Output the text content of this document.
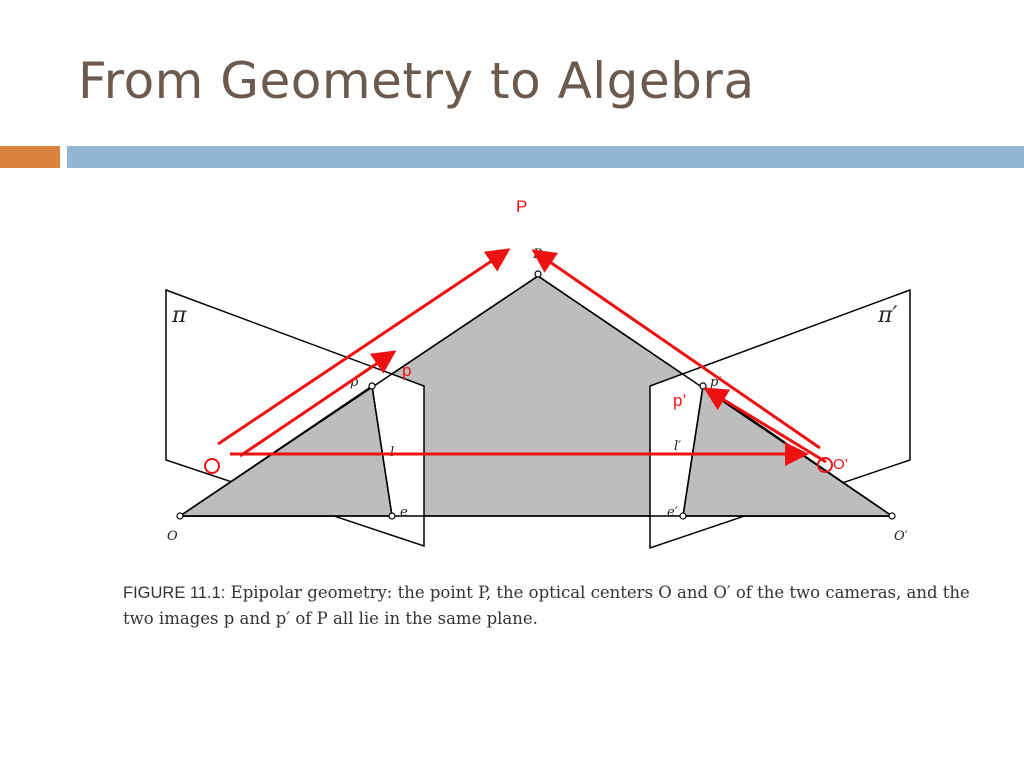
From Geometry to Algebra
π	π′
P
p	p′
l	l′
e	e′
O	O′
P
p
p’
O	O’
FIGURE 11.1: Epipolar geometry: the point P, the optical centers O and O′ of the two cameras, and the two images p and p′ of P all lie in the same plane.
